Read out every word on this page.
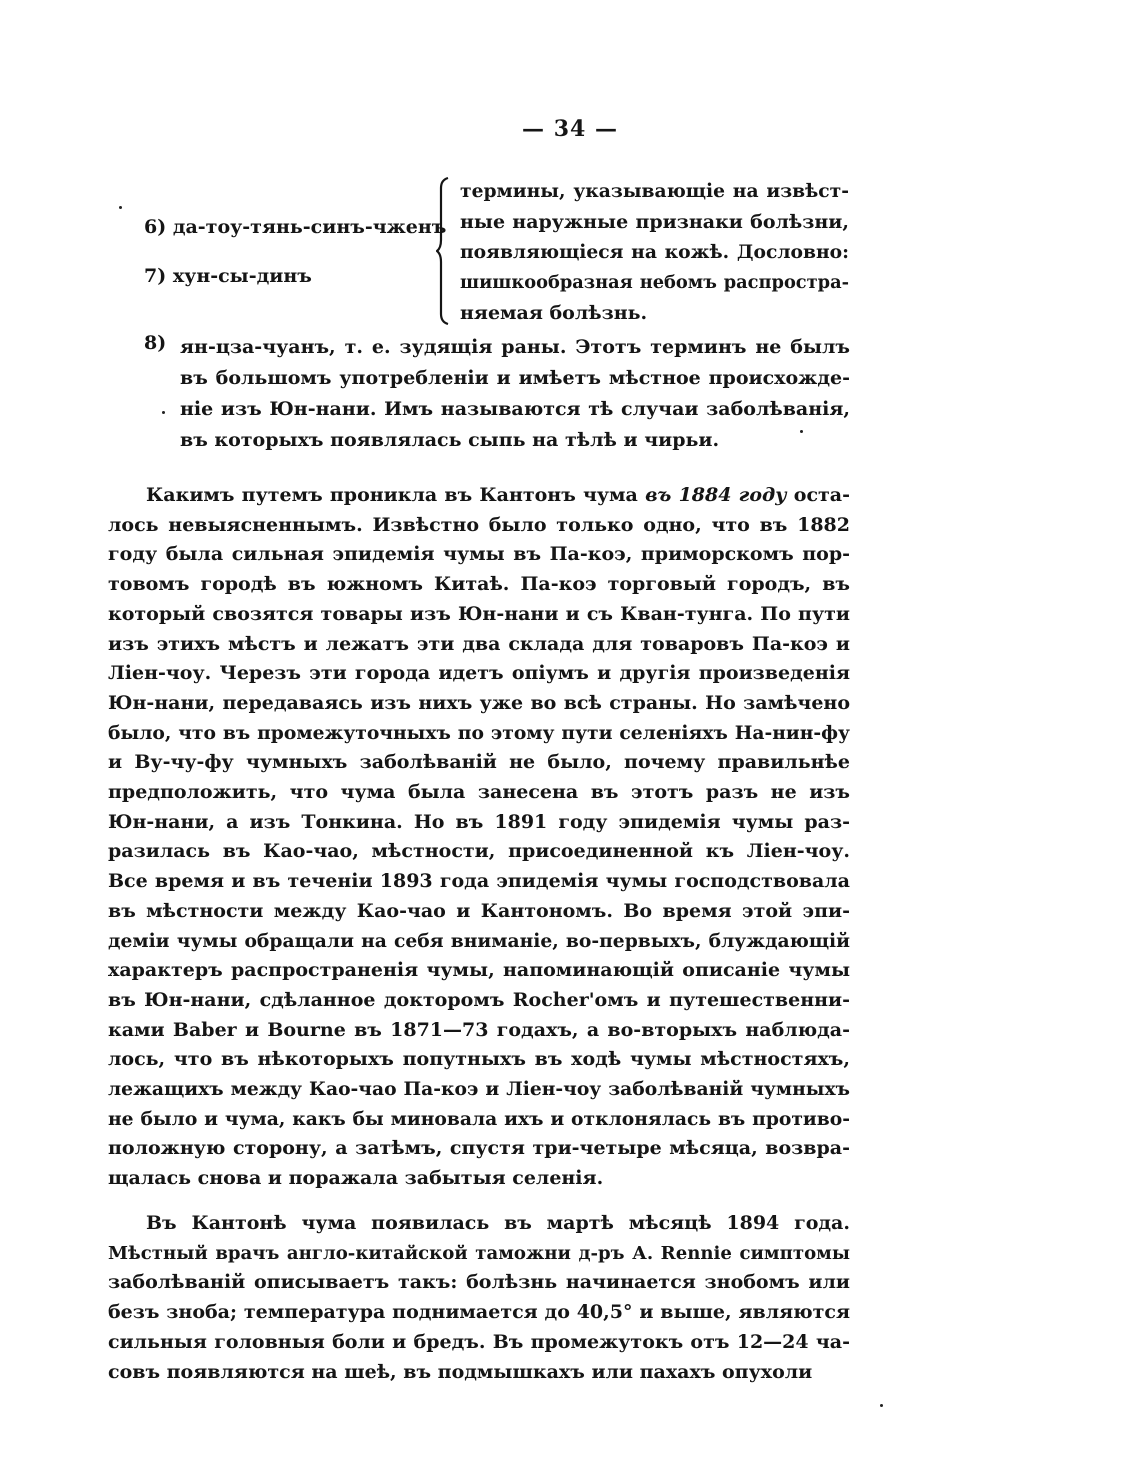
— 34 —
6) да-тоу-тянь-синъ-чженъ
7) хун-сы-динъ
термины, указывающіе на извѣст-
ные наружные признаки болѣзни,
появляющіеся на кожѣ. Дословно:
шишкообразная небомъ распростра-
няемая болѣзнь.
8) ян-цза-чуанъ, т. е. зудящія раны. Этотъ терминъ не былъ
въ большомъ употребленіи и имѣетъ мѣстное происхожде-
ніе изъ Юн-нани. Имъ называются тѣ случаи заболѣванія,
въ которыхъ появлялась сыпь на тѣлѣ и чирьи.
Какимъ путемъ проникла въ Кантонъ чума въ 1884 году оста-
лось невыясненнымъ. Извѣстно было только одно, что въ 1882
году была сильная эпидемія чумы въ Па-коэ, приморскомъ пор-
товомъ городѣ въ южномъ Китаѣ. Па-коэ торговый городъ, въ
который свозятся товары изъ Юн-нани и съ Кван-тунга. По пути
изъ этихъ мѣстъ и лежатъ эти два склада для товаровъ Па-коэ и
Ліен-чоу. Черезъ эти города идетъ опіумъ и другія произведенія
Юн-нани, передаваясь изъ нихъ уже во всѣ страны. Но замѣчено
было, что въ промежуточныхъ по этому пути селеніяхъ На-нин-фу
и Ву-чу-фу чумныхъ заболѣваній не было, почему правильнѣе
предположить, что чума была занесена въ этотъ разъ не изъ
Юн-нани, а изъ Тонкина. Но въ 1891 году эпидемія чумы раз-
разилась въ Као-чао, мѣстности, присоединенной къ Ліен-чоу.
Все время и въ теченіи 1893 года эпидемія чумы господствовала
въ мѣстности между Као-чао и Кантономъ. Во время этой эпи-
деміи чумы обращали на себя вниманіе, во-первыхъ, блуждающій
характеръ распространенія чумы, напоминающій описаніе чумы
въ Юн-нани, сдѣланное докторомъ Rocher'омъ и путешественни-
ками Baber и Bourne въ 1871—73 годахъ, а во-вторыхъ наблюда-
лось, что въ нѣкоторыхъ попутныхъ въ ходѣ чумы мѣстностяхъ,
лежащихъ между Као-чао Па-коэ и Ліен-чоу заболѣваній чумныхъ
не было и чума, какъ бы миновала ихъ и отклонялась въ противо-
положную сторону, а затѣмъ, спустя три-четыре мѣсяца, возвра-
щалась снова и поражала забытыя селенія.
Въ Кантонѣ чума появилась въ мартѣ мѣсяцѣ 1894 года.
Мѣстный врачъ англо-китайской таможни д-ръ А. Rennie симптомы
заболѣваній описываетъ такъ: болѣзнь начинается знобомъ или
безъ зноба; температура поднимается до 40,5° и выше, являются
сильныя головныя боли и бредъ. Въ промежутокъ отъ 12—24 ча-
совъ появляются на шеѣ, въ подмышкахъ или пахахъ опухоли
